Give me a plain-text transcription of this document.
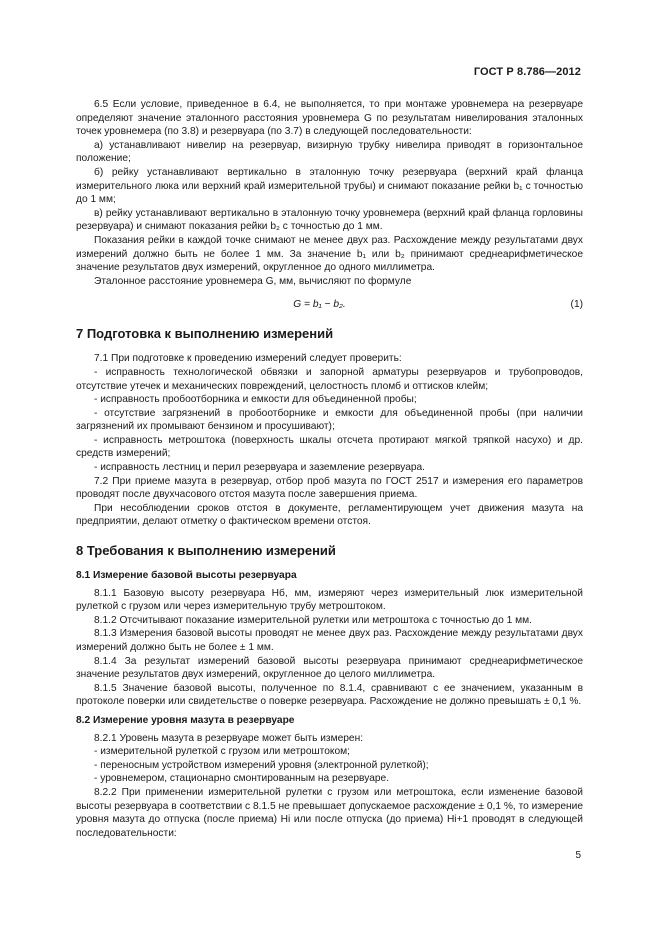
ГОСТ Р 8.786—2012

6.5 Если условие, приведенное в 6.4, не выполняется, то при монтаже уровнемера на резервуаре определяют значение эталонного расстояния уровнемера G по результатам нивелирования эталонных точек уровнемера (по 3.8) и резервуара (по 3.7) в следующей последовательности:

а) устанавливают нивелир на резервуар, визирную трубку нивелира приводят в горизонтальное положение;

б) рейку устанавливают вертикально в эталонную точку резервуара (верхний край фланца измерительного люка или верхний край измерительной трубы) и снимают показание рейки b₁ с точностью до 1 мм;

в) рейку устанавливают вертикально в эталонную точку уровнемера (верхний край фланца горловины резервуара) и снимают показания рейки b₂ с точностью до 1 мм.

Показания рейки в каждой точке снимают не менее двух раз. Расхождение между результатами двух измерений должно быть не более 1 мм. За значение b₁ или b₂ принимают среднеарифметическое значение результатов двух измерений, округленное до одного миллиметра.

Эталонное расстояние уровнемера G, мм, вычисляют по формуле

G = b₁ − b₂.	(1)
7 Подготовка к выполнению измерений

7.1 При подготовке к проведению измерений следует проверить:

- исправность технологической обвязки и запорной арматуры резервуаров и трубопроводов, отсутствие утечек и механических повреждений, целостность пломб и оттисков клейм;

- исправность пробоотборника и емкости для объединенной пробы;

- отсутствие загрязнений в пробоотборнике и емкости для объединенной пробы (при наличии загрязнений их промывают бензином и просушивают);

- исправность метроштока (поверхность шкалы отсчета протирают мягкой тряпкой насухо) и др. средств измерений;

- исправность лестниц и перил резервуара и заземление резервуара.

7.2 При приеме мазута в резервуар, отбор проб мазута по ГОСТ 2517 и измерения его параметров проводят после двухчасового отстоя мазута после завершения приема.

При несоблюдении сроков отстоя в документе, регламентирующем учет движения мазута на предприятии, делают отметку о фактическом времени отстоя.

8 Требования к выполнению измерений
8.1 Измерение базовой высоты резервуара

8.1.1 Базовую высоту резервуара Hб, мм, измеряют через измерительный люк измерительной рулеткой с грузом или через измерительную трубу метроштоком.

8.1.2 Отсчитывают показание измерительной рулетки или метроштока с точностью до 1 мм.

8.1.3 Измерения базовой высоты проводят не менее двух раз. Расхождение между результатами двух измерений должно быть не более ± 1 мм.

8.1.4 За результат измерений базовой высоты резервуара принимают среднеарифметическое значение результатов двух измерений, округленное до целого миллиметра.

8.1.5 Значение базовой высоты, полученное по 8.1.4, сравнивают с ее значением, указанным в протоколе поверки или свидетельстве о поверке резервуара. Расхождение не должно превышать ± 0,1 %.

8.2 Измерение уровня мазута в резервуаре

8.2.1 Уровень мазута в резервуаре может быть измерен:

- измерительной рулеткой с грузом или метроштоком;

- переносным устройством измерений уровня (электронной рулеткой);

- уровнемером, стационарно смонтированным на резервуаре.

8.2.2 При применении измерительной рулетки с грузом или метроштока, если изменение базовой высоты резервуара в соответствии с 8.1.5 не превышает допускаемое расхождение ± 0,1 %, то измерение уровня мазута до отпуска (после приема) Hi или после отпуска (до приема) Hi+1 проводят в следующей последовательности:

5
